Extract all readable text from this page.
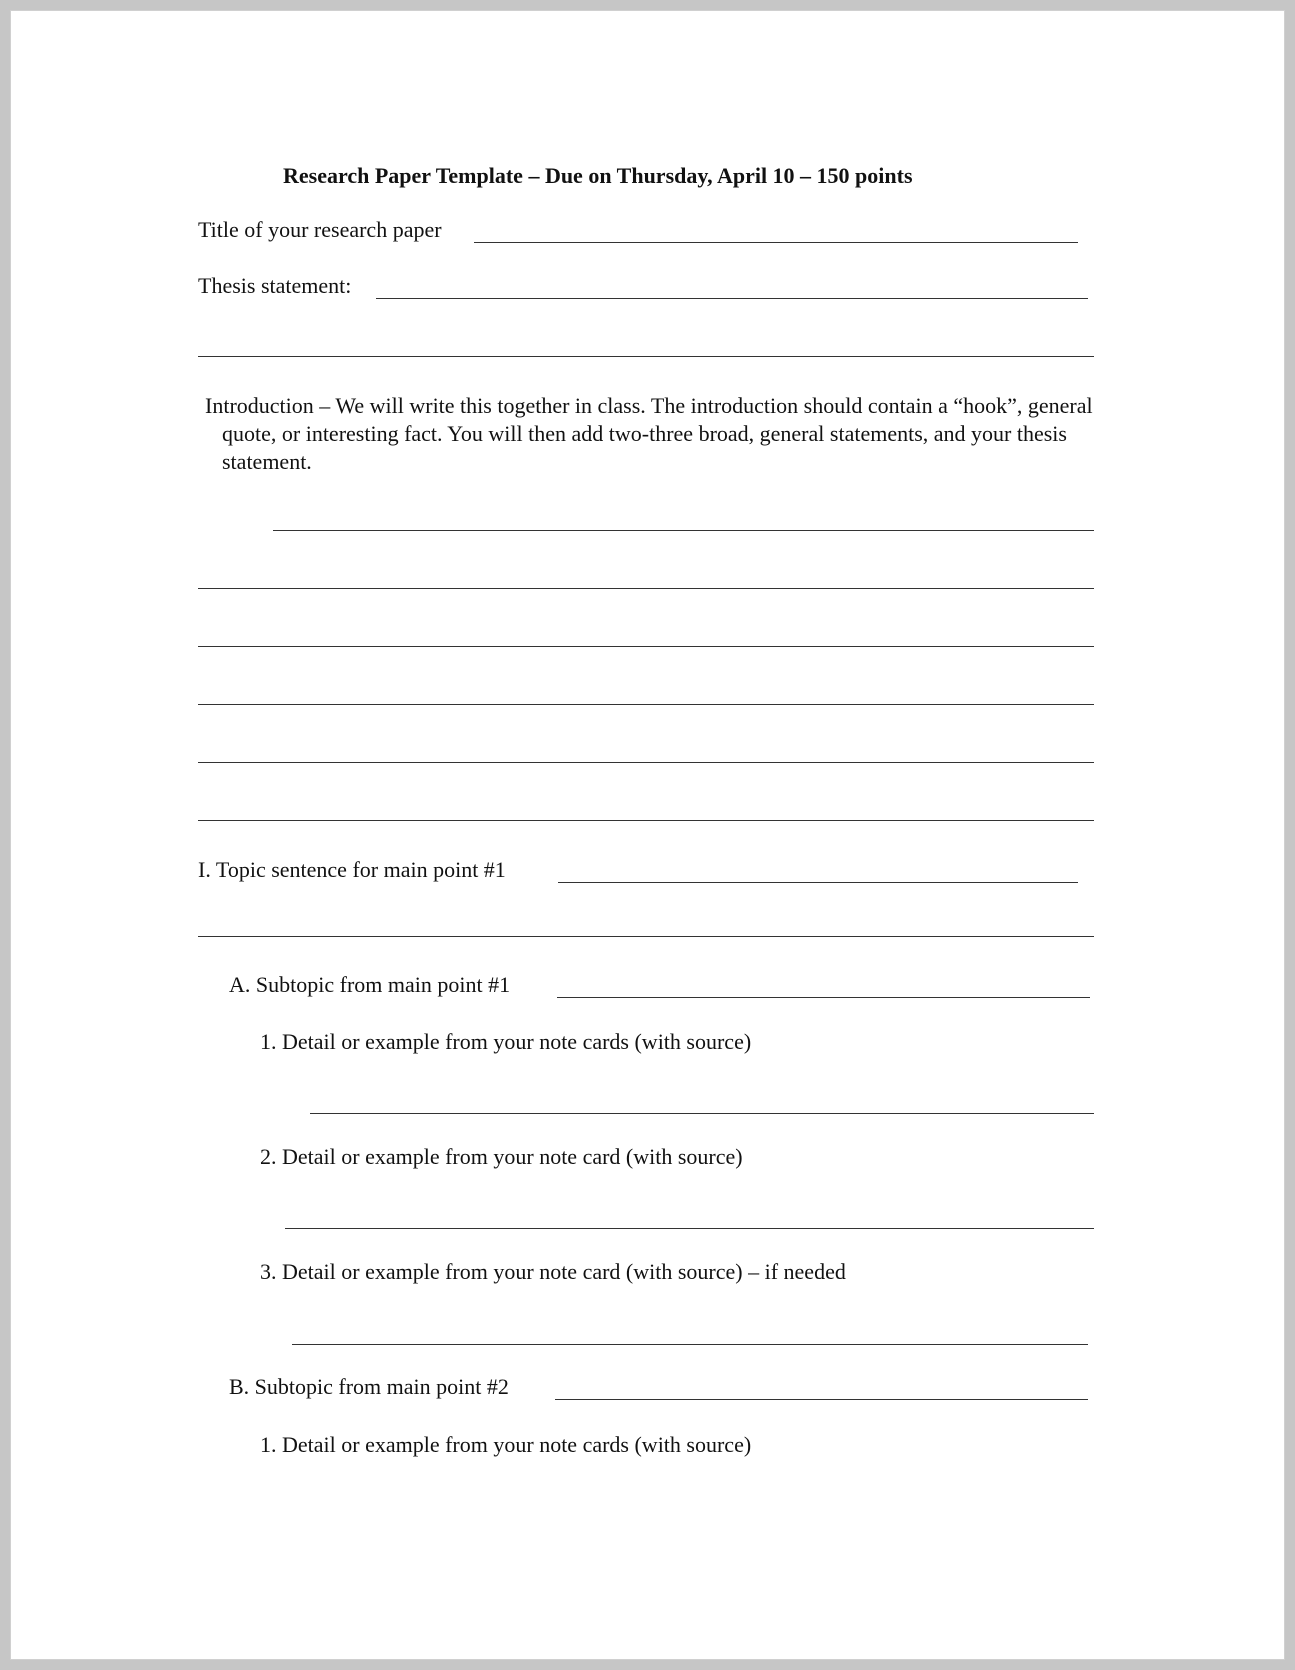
Research Paper Template – Due on Thursday, April 10 – 150 points
Title of your research paper
Thesis statement:

Introduction – We will write this together in class. The introduction should contain a “hook”, general quote, or interesting fact. You will then add two-three broad, general statements, and your thesis statement.

I. Topic sentence for main point #1
A. Subtopic from main point #1
1. Detail or example from your note cards (with source)
2. Detail or example from your note card (with source)
3. Detail or example from your note card (with source) – if needed
B. Subtopic from main point #2
1. Detail or example from your note cards (with source)
